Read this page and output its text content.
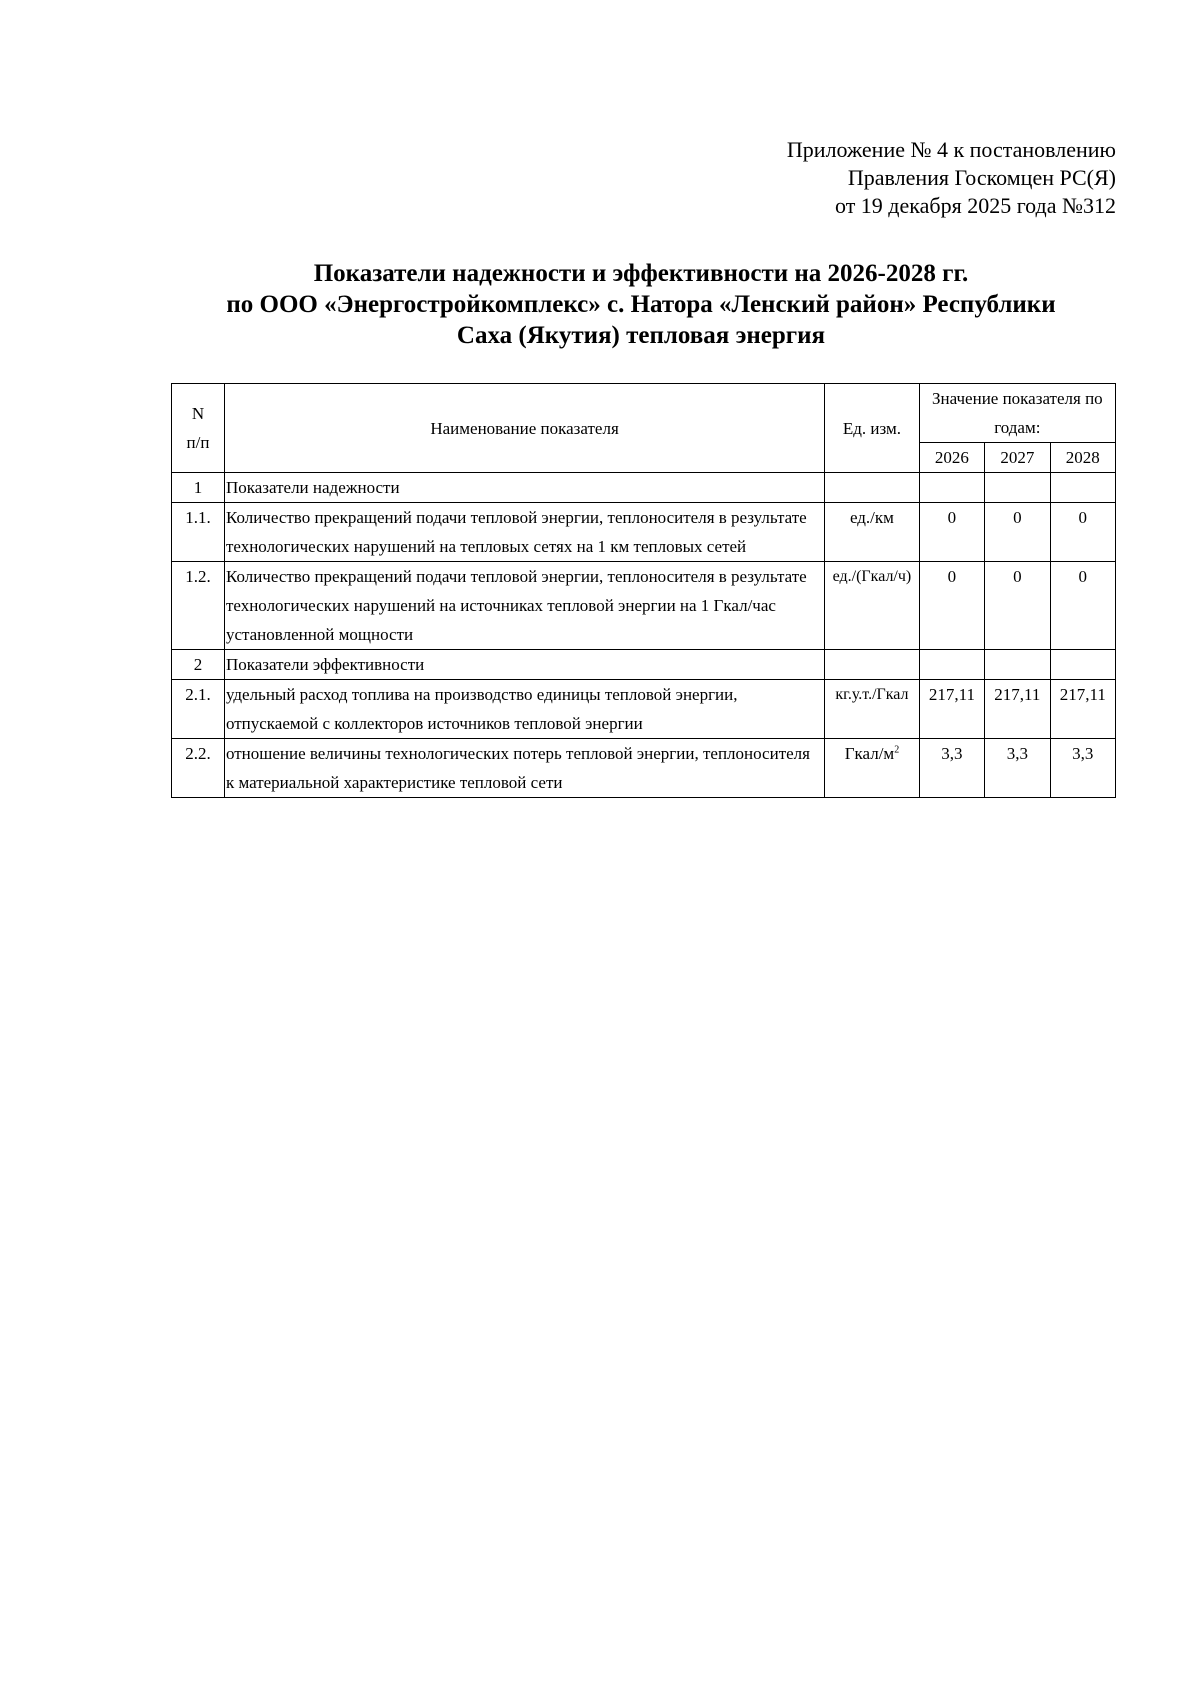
Приложение № 4 к постановлению
Правления Госкомцен РС(Я)
от 19 декабря 2025 года №312
Показатели надежности и эффективности на 2026-2028 гг.
по ООО «Энергостройкомплекс» с. Натора «Ленский район» Республики
Саха (Якутия) тепловая энергия
N
п/п	Наименование показателя	Ед. изм.	Значение показателя по годам:		
			2026	2027	2028
1	Показатели надежности				
1.1.	Количество прекращений подачи тепловой энергии, теплоносителя в результате технологических нарушений на тепловых сетях на 1 км тепловых сетей	ед./км	0	0	0
1.2.	Количество прекращений подачи тепловой энергии, теплоносителя в результате технологических нарушений на источниках тепловой энергии на 1 Гкал/час установленной мощности	ед./(Гкал/ч)	0	0	0
2	Показатели эффективности				
2.1.	удельный расход топлива на производство единицы тепловой энергии, отпускаемой с коллекторов источников тепловой энергии	кг.у.т./Гкал	217,11	217,11	217,11
2.2.	отношение величины технологических потерь тепловой энергии, теплоносителя к материальной характеристике тепловой сети	Гкал/$м^2$	3,3	3,3	3,3
